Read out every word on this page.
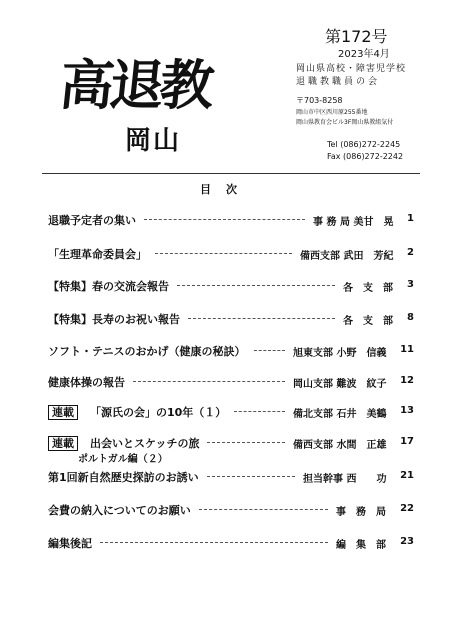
高退教
岡山
第172号
2023年4月
岡山県高校・障害児学校
退職教職員の会
〒703-8258
岡山市中区西川原255番地
岡山県教育会ビル3F岡山県教組気付
Tel (086)272-2245
Fax (086)272-2242
目　次
退職予定者の集い	事 務 局 美甘　晃 1
「生理革命委員会」	備西支部 武田　芳紀 2
【特集】春の交流会報告	各　支　部 3
【特集】長寿のお祝い報告	各　支　部 8
ソフト・テニスのおかげ（健康の秘訣）	旭東支部 小野　信義 11
健康体操の報告	岡山支部 難波　紋子 12
連載 「源氏の会」の10年（１）	備北支部 石井　美鶴 13
連載 出会いとスケッチの旅	備西支部 水間　正雄 17
ポルトガル編（２）
第1回新自然歴史探訪のお誘い	担当幹事 西　　功 21
会費の納入についてのお願い	事　務　局 22
編集後記	編　集　部 23
